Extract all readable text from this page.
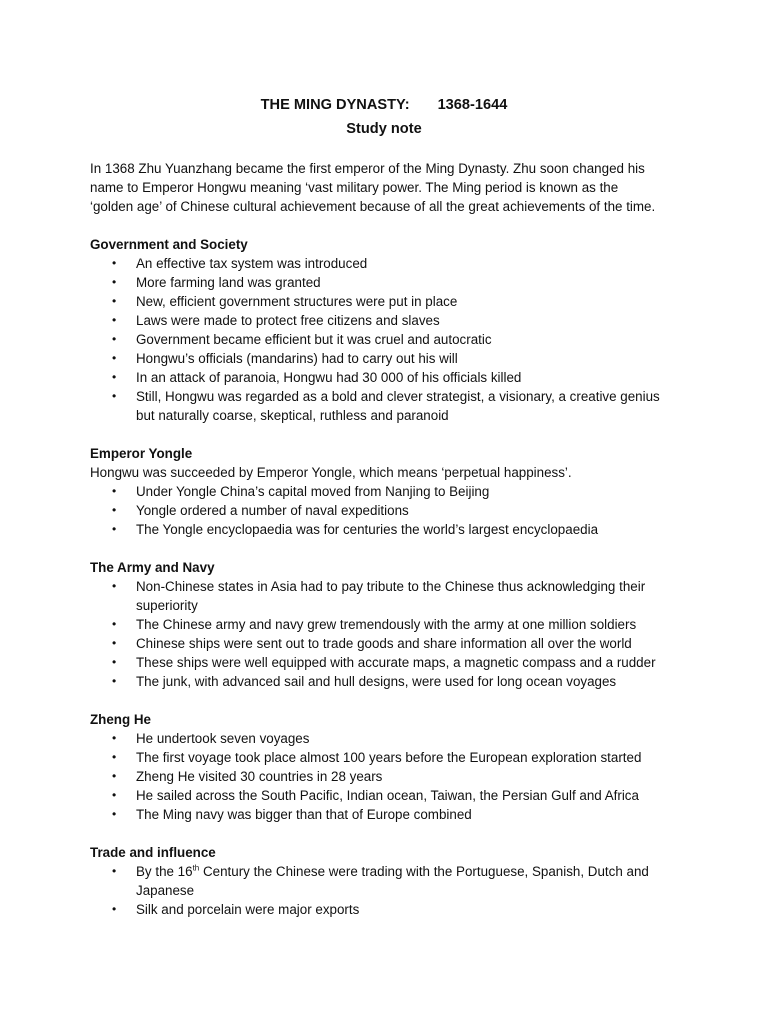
THE MING DYNASTY: 1368-1644
Study note
In 1368 Zhu Yuanzhang became the first emperor of the Ming Dynasty. Zhu soon changed his
name to Emperor Hongwu meaning ‘vast military power. The Ming period is known as the
‘golden age’ of Chinese cultural achievement because of all the great achievements of the time.
Government and Society
• An effective tax system was introduced
• More farming land was granted
• New, efficient government structures were put in place
• Laws were made to protect free citizens and slaves
• Government became efficient but it was cruel and autocratic
• Hongwu’s officials (mandarins) had to carry out his will
• In an attack of paranoia, Hongwu had 30 000 of his officials killed
• Still, Hongwu was regarded as a bold and clever strategist, a visionary, a creative genius
but naturally coarse, skeptical, ruthless and paranoid
Emperor Yongle
Hongwu was succeeded by Emperor Yongle, which means ‘perpetual happiness’.
• Under Yongle China’s capital moved from Nanjing to Beijing
• Yongle ordered a number of naval expeditions
• The Yongle encyclopaedia was for centuries the world’s largest encyclopaedia
The Army and Navy
• Non-Chinese states in Asia had to pay tribute to the Chinese thus acknowledging their
superiority
• The Chinese army and navy grew tremendously with the army at one million soldiers
• Chinese ships were sent out to trade goods and share information all over the world
• These ships were well equipped with accurate maps, a magnetic compass and a rudder
• The junk, with advanced sail and hull designs, were used for long ocean voyages
Zheng He
• He undertook seven voyages
• The first voyage took place almost 100 years before the European exploration started
• Zheng He visited 30 countries in 28 years
• He sailed across the South Pacific, Indian ocean, Taiwan, the Persian Gulf and Africa
• The Ming navy was bigger than that of Europe combined
Trade and influence
• By the 16th Century the Chinese were trading with the Portuguese, Spanish, Dutch and
Japanese
• Silk and porcelain were major exports
